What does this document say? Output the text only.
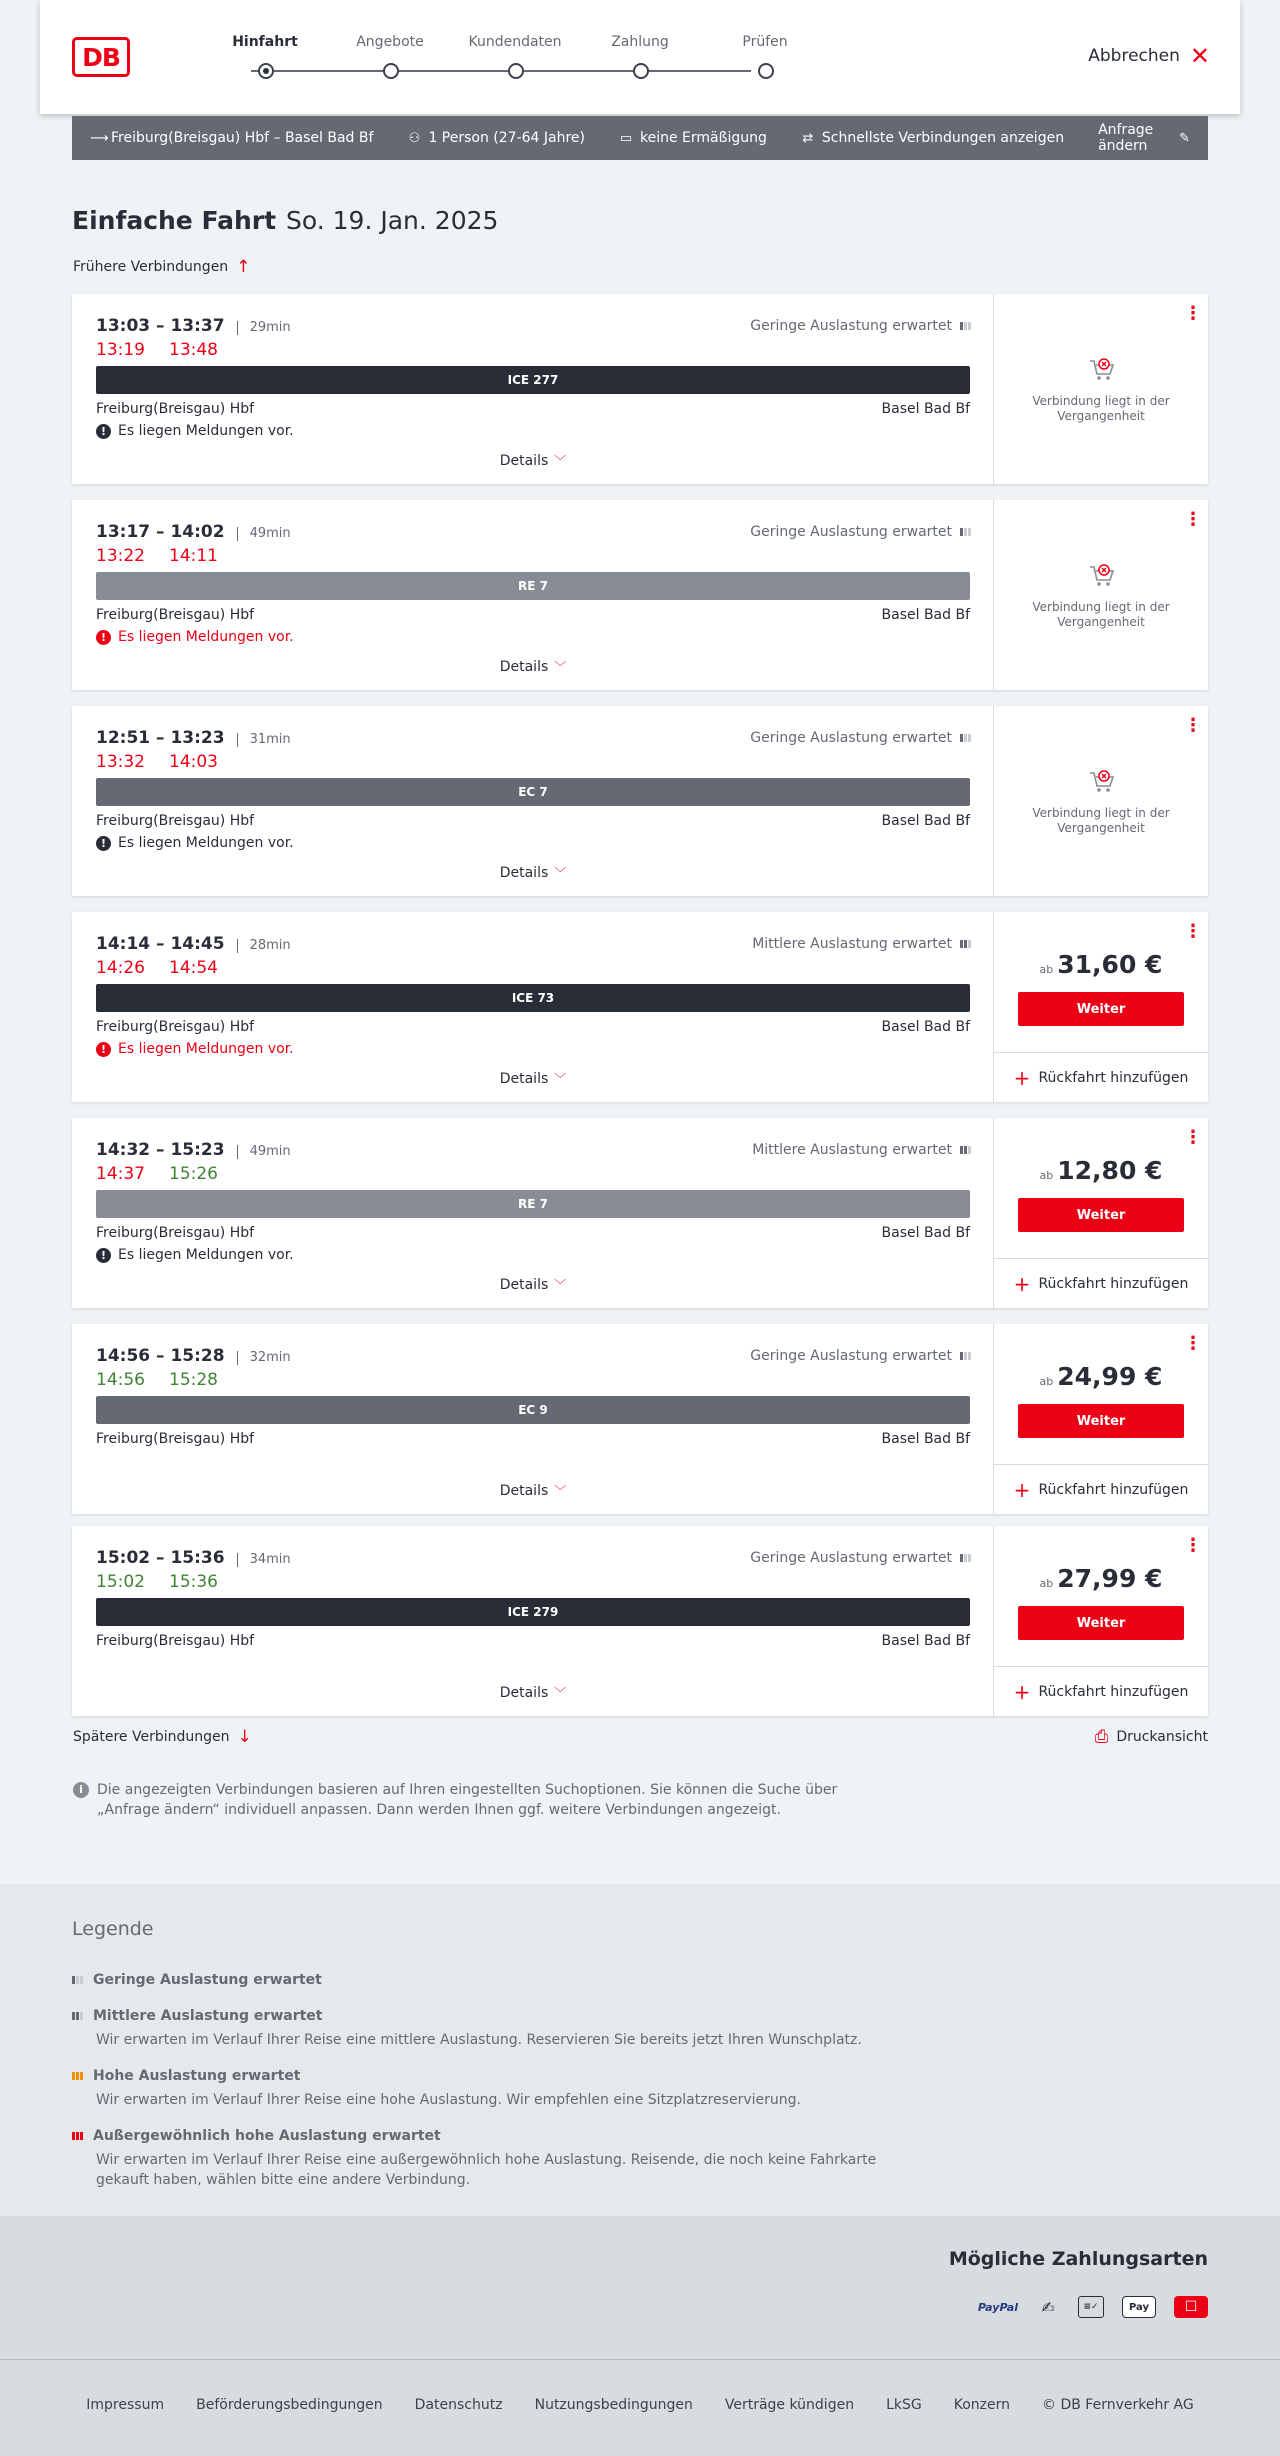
DB
Hinfahrt	Angebote	Kundendaten	Zahlung	Prüfen
Abbrechen ✕
⟶ Freiburg(Breisgau) Hbf – Basel Bad Bf	⚇ 1 Person (27-64 Jahre)	▭ keine Ermäßigung	⇄ Schnellste Verbindungen anzeigen Anfrage ändern	✎
Einfache Fahrt So. 19. Jan. 2025
Frühere Verbindungen ↑
13:03 – 13:37	29min
13:19 13:48
Geringe Auslastung erwartet
ICE 277
Freiburg(Breisgau) Hbf	Basel Bad Bf
! Es liegen Meldungen vor.
Details ﹀
⋮
Verbindung liegt in der Vergangenheit
13:17 – 14:02	49min
13:22 14:11
Geringe Auslastung erwartet
RE 7
Freiburg(Breisgau) Hbf	Basel Bad Bf
! Es liegen Meldungen vor.
Details ﹀
⋮
Verbindung liegt in der Vergangenheit
12:51 – 13:23	31min
13:32 14:03
Geringe Auslastung erwartet
EC 7
Freiburg(Breisgau) Hbf	Basel Bad Bf
! Es liegen Meldungen vor.
Details ﹀
⋮
Verbindung liegt in der Vergangenheit
14:14 – 14:45	28min
14:26 14:54
Mittlere Auslastung erwartet
ICE 73
Freiburg(Breisgau) Hbf	Basel Bad Bf
! Es liegen Meldungen vor.
Details ﹀
⋮
ab 31,60 €
Weiter
+ Rückfahrt hinzufügen
14:32 – 15:23	49min
14:37 15:26
Mittlere Auslastung erwartet
RE 7
Freiburg(Breisgau) Hbf	Basel Bad Bf
! Es liegen Meldungen vor.
Details ﹀
⋮
ab 12,80 €
Weiter
+ Rückfahrt hinzufügen
14:56 – 15:28	32min
14:56 15:28
Geringe Auslastung erwartet
EC 9
Freiburg(Breisgau) Hbf	Basel Bad Bf
Details ﹀
⋮
ab 24,99 €
Weiter
+ Rückfahrt hinzufügen
15:02 – 15:36	34min
15:02 15:36
Geringe Auslastung erwartet
ICE 279
Freiburg(Breisgau) Hbf	Basel Bad Bf
Details ﹀
⋮
ab 27,99 €
Weiter
+ Rückfahrt hinzufügen
Spätere Verbindungen ↓	⎙ Druckansicht
i	Die angezeigten Verbindungen basieren auf Ihren eingestellten Suchoptionen. Sie können die Suche über „Anfrage ändern“ individuell anpassen. Dann werden Ihnen ggf. weitere Verbindungen angezeigt.
Legende
Geringe Auslastung erwartet
Mittlere Auslastung erwartet
Wir erwarten im Verlauf Ihrer Reise eine mittlere Auslastung. Reservieren Sie bereits jetzt Ihren Wunschplatz.
Hohe Auslastung erwartet
Wir erwarten im Verlauf Ihrer Reise eine hohe Auslastung. Wir empfehlen eine Sitzplatzreservierung.
Außergewöhnlich hohe Auslastung erwartet
Wir erwarten im Verlauf Ihrer Reise eine außergewöhnlich hohe Auslastung. Reisende, die noch keine Fahrkarte gekauft haben, wählen bitte eine andere Verbindung.
Mögliche Zahlungsarten
PayPal	✍	≡✓	Pay	☐
Impressum Beförderungsbedingungen Datenschutz Nutzungsbedingungen Verträge kündigen LkSG Konzern © DB Fernverkehr AG
